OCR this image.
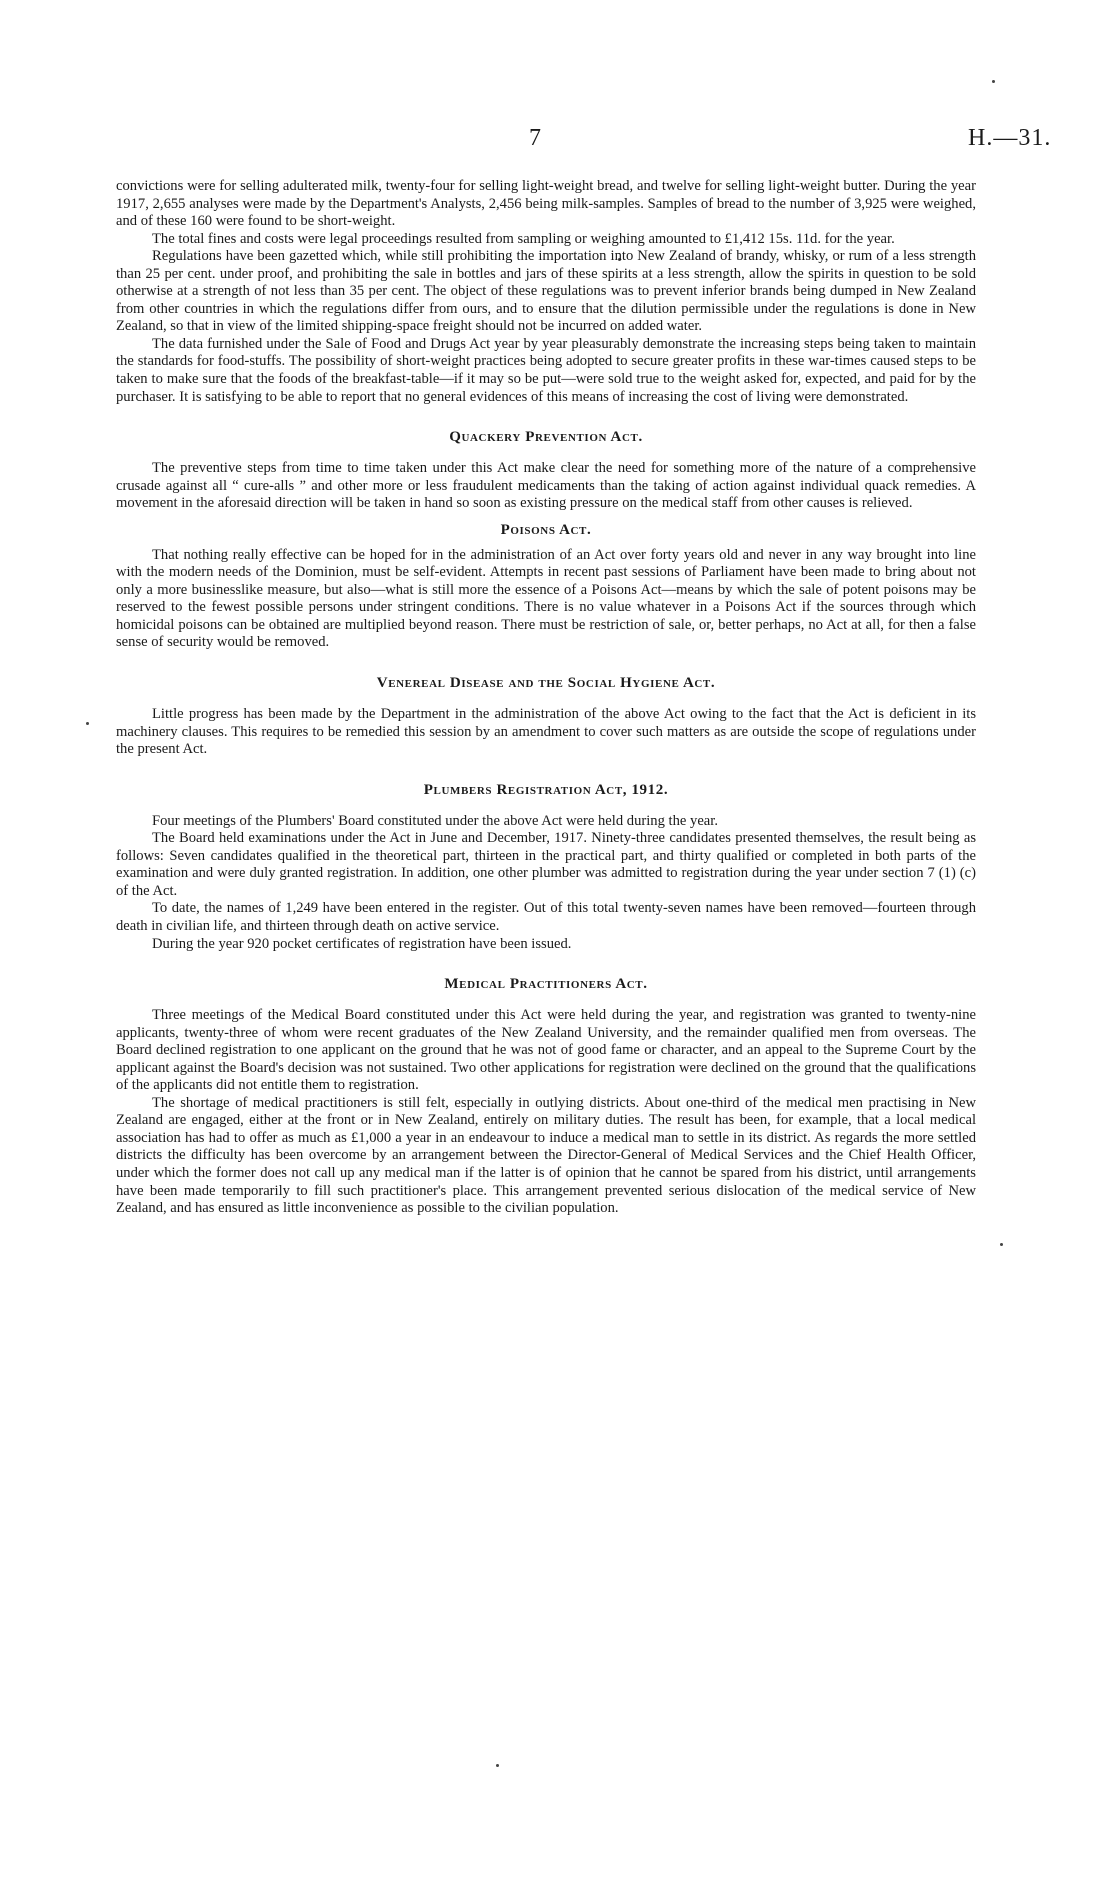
7	H.—31.

convictions were for selling adulterated milk, twenty-four for selling light-weight bread, and twelve for selling light-weight butter. During the year 1917, 2,655 analyses were made by the Department's Analysts, 2,456 being milk-samples. Samples of bread to the number of 3,925 were weighed, and of these 160 were found to be short-weight.

The total fines and costs were legal proceedings resulted from sampling or weighing amounted to £1,412 15s. 11d. for the year.

Regulations have been gazetted which, while still prohibiting the importation into New Zealand of brandy, whisky, or rum of a less strength than 25 per cent. under proof, and prohibiting the sale in bottles and jars of these spirits at a less strength, allow the spirits in question to be sold otherwise at a strength of not less than 35 per cent. The object of these regulations was to prevent inferior brands being dumped in New Zealand from other countries in which the regulations differ from ours, and to ensure that the dilution permissible under the regulations is done in New Zealand, so that in view of the limited shipping-space freight should not be incurred on added water.

The data furnished under the Sale of Food and Drugs Act year by year pleasurably demonstrate the increasing steps being taken to maintain the standards for food-stuffs. The possibility of short-weight practices being adopted to secure greater profits in these war-times caused steps to be taken to make sure that the foods of the breakfast-table—if it may so be put—were sold true to the weight asked for, expected, and paid for by the purchaser. It is satisfying to be able to report that no general evidences of this means of increasing the cost of living were demonstrated.

Quackery Prevention Act.

The preventive steps from time to time taken under this Act make clear the need for something more of the nature of a comprehensive crusade against all “ cure-alls ” and other more or less fraudulent medicaments than the taking of action against individual quack remedies. A movement in the aforesaid direction will be taken in hand so soon as existing pressure on the medical staff from other causes is relieved.

Poisons Act.

That nothing really effective can be hoped for in the administration of an Act over forty years old and never in any way brought into line with the modern needs of the Dominion, must be self-evident. Attempts in recent past sessions of Parliament have been made to bring about not only a more businesslike measure, but also—what is still more the essence of a Poisons Act—means by which the sale of potent poisons may be reserved to the fewest possible persons under stringent conditions. There is no value whatever in a Poisons Act if the sources through which homicidal poisons can be obtained are multiplied beyond reason. There must be restriction of sale, or, better perhaps, no Act at all, for then a false sense of security would be removed.

Venereal Disease and the Social Hygiene Act.

Little progress has been made by the Department in the administration of the above Act owing to the fact that the Act is deficient in its machinery clauses. This requires to be remedied this session by an amendment to cover such matters as are outside the scope of regulations under the present Act.

Plumbers Registration Act, 1912.

Four meetings of the Plumbers' Board constituted under the above Act were held during the year.

The Board held examinations under the Act in June and December, 1917. Ninety-three candidates presented themselves, the result being as follows: Seven candidates qualified in the theoretical part, thirteen in the practical part, and thirty qualified or completed in both parts of the examination and were duly granted registration. In addition, one other plumber was admitted to registration during the year under section 7 (1) (c) of the Act.

To date, the names of 1,249 have been entered in the register. Out of this total twenty-seven names have been removed—fourteen through death in civilian life, and thirteen through death on active service.

During the year 920 pocket certificates of registration have been issued.

Medical Practitioners Act.

Three meetings of the Medical Board constituted under this Act were held during the year, and registration was granted to twenty-nine applicants, twenty-three of whom were recent graduates of the New Zealand University, and the remainder qualified men from overseas. The Board declined registration to one applicant on the ground that he was not of good fame or character, and an appeal to the Supreme Court by the applicant against the Board's decision was not sustained. Two other applications for registration were declined on the ground that the qualifications of the applicants did not entitle them to registration.

The shortage of medical practitioners is still felt, especially in outlying districts. About one-third of the medical men practising in New Zealand are engaged, either at the front or in New Zealand, entirely on military duties. The result has been, for example, that a local medical association has had to offer as much as £1,000 a year in an endeavour to induce a medical man to settle in its district. As regards the more settled districts the difficulty has been overcome by an arrangement between the Director-General of Medical Services and the Chief Health Officer, under which the former does not call up any medical man if the latter is of opinion that he cannot be spared from his district, until arrangements have been made temporarily to fill such practitioner's place. This arrangement prevented serious dislocation of the medical service of New Zealand, and has ensured as little inconvenience as possible to the civilian population.
